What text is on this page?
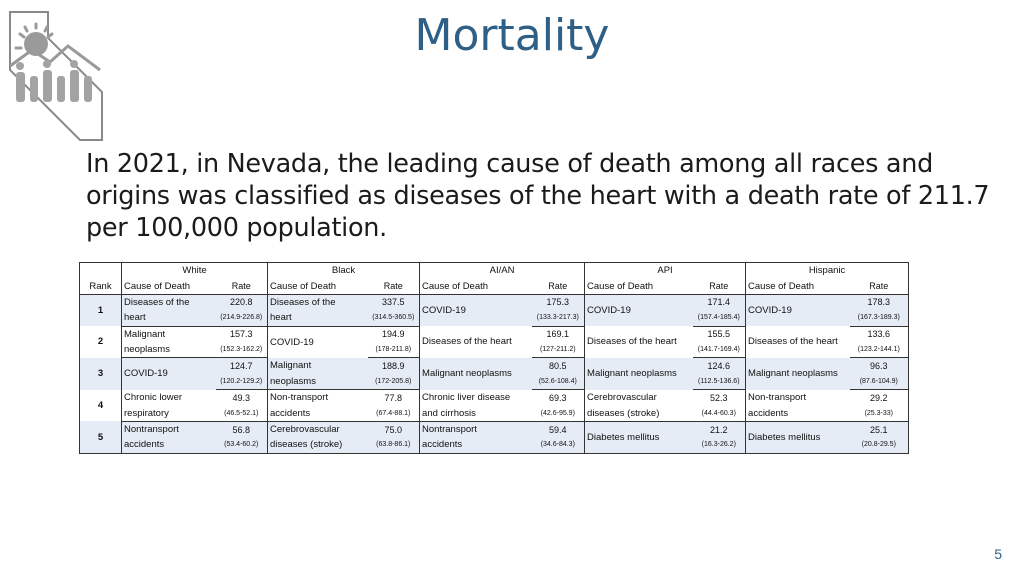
Mortality
In 2021, in Nevada, the leading cause of death among all races and origins was classified as diseases of the heart with a death rate of 211.7 per 100,000 population.
	White		Black		AI/AN		API		Hispanic	
Rank	Cause of Death	Rate	Cause of Death	Rate	Cause of Death	Rate	Cause of Death	Rate	Cause of Death	Rate
1	Diseases of the	220.8	Diseases of the	337.5	COVID-19	175.3	COVID-19	171.4	COVID-19	178.3
	heart	(214.9-226.8)	heart	(314.5-360.5)		(133.3-217.3)		(157.4-185.4)		(167.3-189.3)
2	Malignant	157.3	COVID-19	194.9	Diseases of the heart	169.1	Diseases of the heart	155.5	Diseases of the heart	133.6
	neoplasms	(152.3-162.2)		(178-211.8)		(127-211.2)		(141.7-169.4)		(123.2-144.1)
3	COVID-19	124.7	Malignant	188.9	Malignant neoplasms	80.5	Malignant neoplasms	124.6	Malignant neoplasms	96.3
		(120.2-129.2)	neoplasms	(172-205.8)		(52.6-108.4)		(112.5-136.6)		(87.6-104.9)
4	Chronic lower	49.3	Non-transport	77.8	Chronic liver disease	69.3	Cerebrovascular	52.3	Non-transport	29.2
	respiratory	(46.5-52.1)	accidents	(67.4-88.1)	and cirrhosis	(42.6-95.9)	diseases (stroke)	(44.4-60.3)	accidents	(25.3-33)
5	Nontransport	56.8	Cerebrovascular	75.0	Nontransport	59.4	Diabetes mellitus	21.2	Diabetes mellitus	25.1
	accidents	(53.4-60.2)	diseases (stroke)	(63.8-86.1)	accidents	(34.6-84.3)		(16.3-26.2)		(20.8-29.5)
5
